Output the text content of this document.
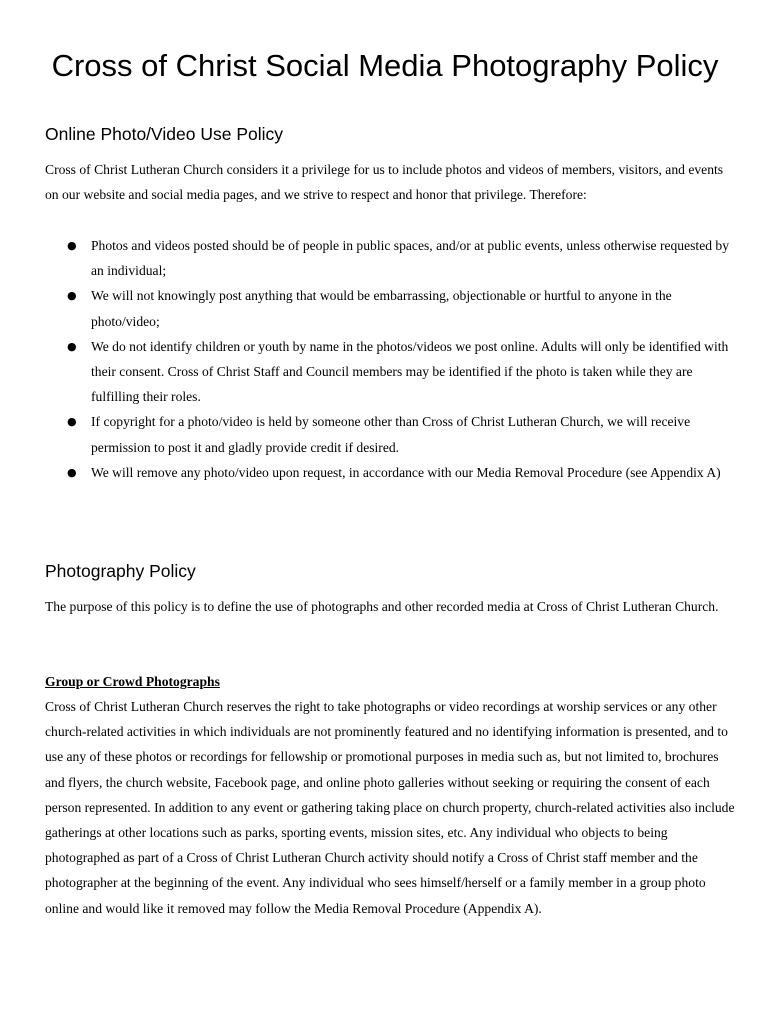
Cross of Christ Social Media Photography Policy
Online Photo/Video Use Policy

Cross of Christ Lutheran Church considers it a privilege for us to include photos and videos of members, visitors, and events on our website and social media pages, and we strive to respect and honor that privilege. Therefore:

● Photos and videos posted should be of people in public spaces, and/or at public events, unless otherwise requested by an individual;
● We will not knowingly post anything that would be embarrassing, objectionable or hurtful to anyone in the photo/video;
● We do not identify children or youth by name in the photos/videos we post online. Adults will only be identified with their consent. Cross of Christ Staff and Council members may be identified if the photo is taken while they are fulfilling their roles.
● If copyright for a photo/video is held by someone other than Cross of Christ Lutheran Church, we will receive permission to post it and gladly provide credit if desired.
● We will remove any photo/video upon request, in accordance with our Media Removal Procedure (see Appendix A)
Photography Policy

The purpose of this policy is to define the use of photographs and other recorded media at Cross of Christ Lutheran Church.

Group or Crowd Photographs

Cross of Christ Lutheran Church reserves the right to take photographs or video recordings at worship services or any other church-related activities in which individuals are not prominently featured and no identifying information is presented, and to use any of these photos or recordings for fellowship or promotional purposes in media such as, but not limited to, brochures and flyers, the church website, Facebook page, and online photo galleries without seeking or requiring the consent of each person represented. In addition to any event or gathering taking place on church property, church-related activities also include gatherings at other locations such as parks, sporting events, mission sites, etc. Any individual who objects to being photographed as part of a Cross of Christ Lutheran Church activity should notify a Cross of Christ staff member and the photographer at the beginning of the event. Any individual who sees himself/herself or a family member in a group photo online and would like it removed may follow the Media Removal Procedure (Appendix A).
